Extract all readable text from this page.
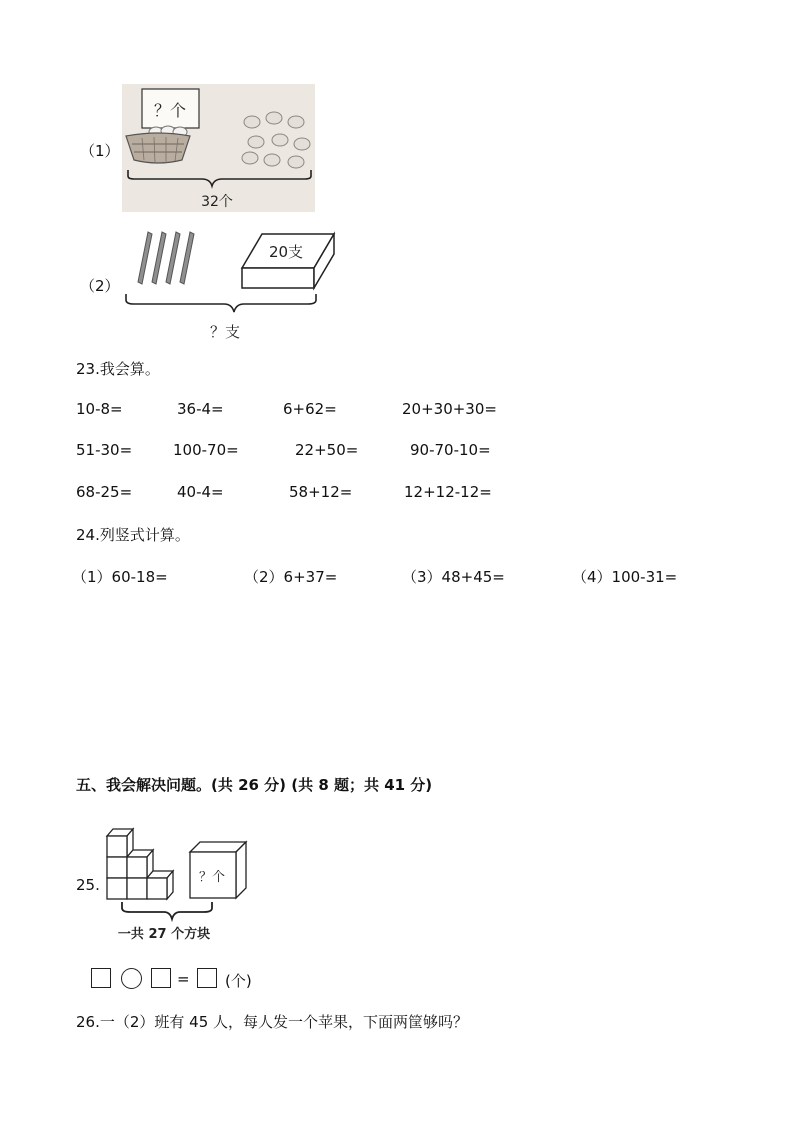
（1）
？个
32个
（2）
20支
？支
23.我会算。
10-8=	36-4=	6+62=	20+30+30=
51-30=	100-70=	22+50=	90-70-10=
68-25=	40-4=	58+12=	12+12-12=
24.列竖式计算。
（1）60-18=	（2）6+37=	（3）48+45=	（4）100-31=
五、我会解决问题。(共 26 分) (共 8 题；共 41 分)
25.	？个
一共 27 个方块
= (个)
26.一（2）班有 45 人，每人发一个苹果，下面两筐够吗？
